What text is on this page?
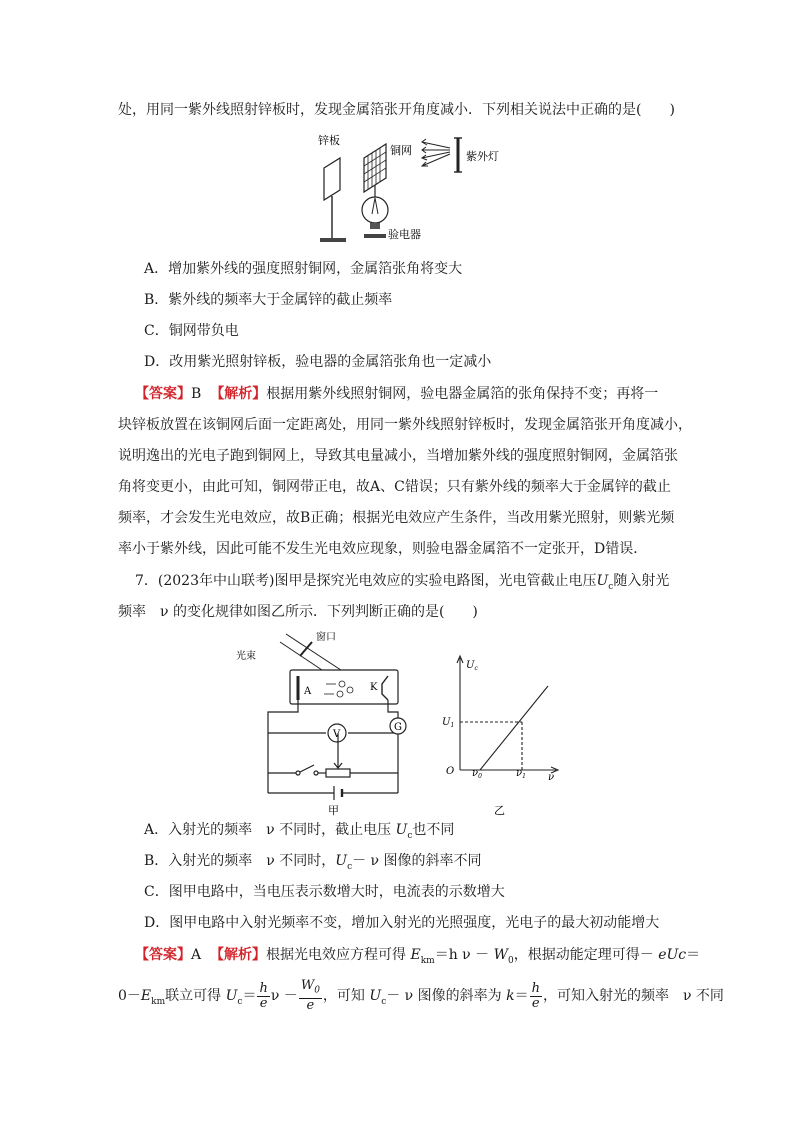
处，用同一紫外线照射锌板时，发现金属箔张开角度减小．下列相关说法中正确的是(　　)
锌板
铜网
验电器
紫外灯
A．增加紫外线的强度照射铜网，金属箔张角将变大
B．紫外线的频率大于金属锌的截止频率
C．铜网带负电
D．改用紫光照射锌板，验电器的金属箔张角也一定减小
【答案】B 【解析】根据用紫外线照射铜网，验电器金属箔的张角保持不变；再将一
块锌板放置在该铜网后面一定距离处，用同一紫外线照射锌板时，发现金属箔张开角度减小，
说明逸出的光电子跑到铜网上，导致其电量减小，当增加紫外线的强度照射铜网，金属箔张
角将变更小，由此可知，铜网带正电，故A、C错误；只有紫外线的频率大于金属锌的截止
频率，才会发生光电效应，故B正确；根据光电效应产生条件，当改用紫光照射，则紫光频
率小于紫外线，因此可能不发生光电效应现象，则验电器金属箔不一定张开，D错误．
7．(2023年中山联考)图甲是探究光电效应的实验电路图，光电管截止电压$U_c$随入射光
频率　ν 的变化规律如图乙所示．下列判断正确的是(　　)
窗口
光束
A	K
G
V
甲
$U_c$
$U_1$
O $\nu_0$	$\nu_1$ ν
乙
A．入射光的频率　ν 不同时，截止电压 $U_c$也不同
B．入射光的频率　ν 不同时，$U_c- \nu$ 图像的斜率不同
C．图甲电路中，当电压表示数增大时，电流表的示数增大
D．图甲电路中入射光频率不变，增加入射光的光照强度，光电子的最大初动能增大
【答案】A 【解析】根据光电效应方程可得 $E_{km}=h$ $\nu - W_0$，根据动能定理可得－ eUc＝
$0-E_{km}$联立可得 $U_c= \frac{h}{e}$ $\nu - \frac{W_0}{e}$ ，可知 $U_c- \nu$ 图像的斜率为 $k= \frac{h}{e}$ ，可知入射光的频率　ν 不同
